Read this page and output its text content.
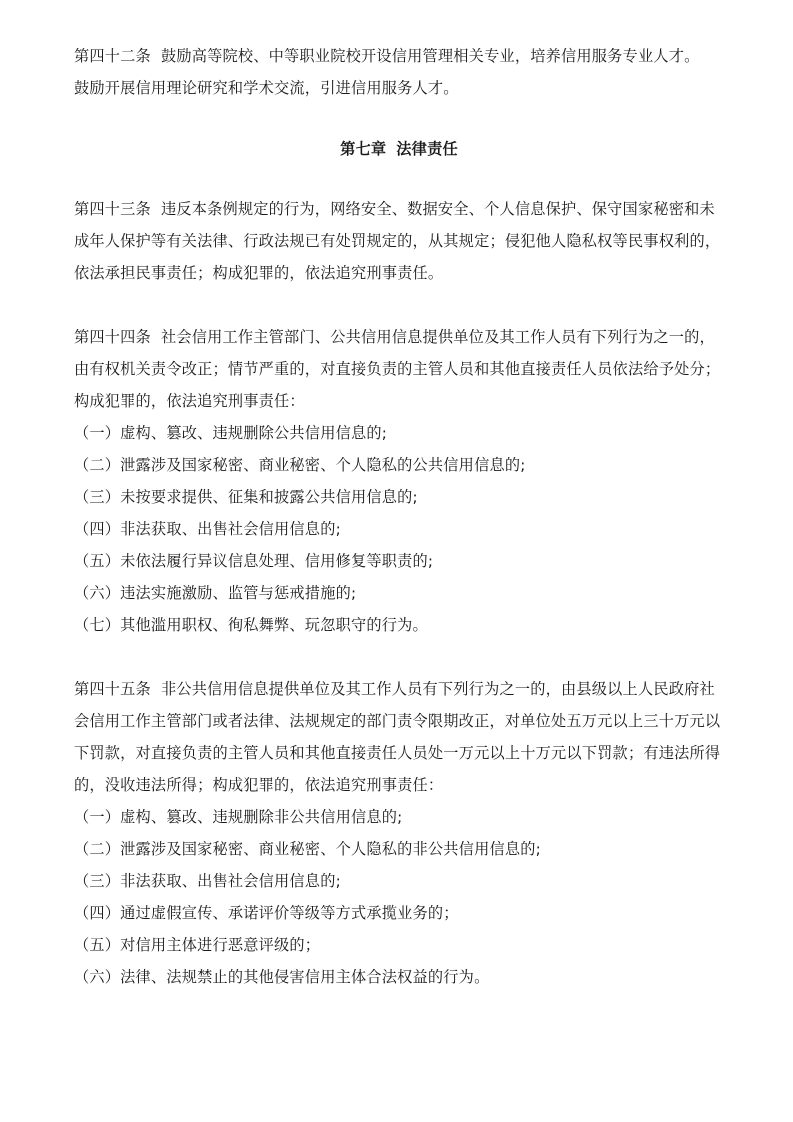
第四十二条 鼓励高等院校、中等职业院校开设信用管理相关专业，培养信用服务专业人才。

鼓励开展信用理论研究和学术交流，引进信用服务人才。

第七章 法律责任

第四十三条 违反本条例规定的行为，网络安全、数据安全、个人信息保护、保守国家秘密和未成年人保护等有关法律、行政法规已有处罚规定的，从其规定；侵犯他人隐私权等民事权利的，依法承担民事责任；构成犯罪的，依法追究刑事责任。

第四十四条 社会信用工作主管部门、公共信用信息提供单位及其工作人员有下列行为之一的，由有权机关责令改正；情节严重的，对直接负责的主管人员和其他直接责任人员依法给予处分；构成犯罪的，依法追究刑事责任：

（一）虚构、篡改、违规删除公共信用信息的;

（二）泄露涉及国家秘密、商业秘密、个人隐私的公共信用信息的;

（三）未按要求提供、征集和披露公共信用信息的;

（四）非法获取、出售社会信用信息的;

（五）未依法履行异议信息处理、信用修复等职责的;

（六）违法实施激励、监管与惩戒措施的;

（七）其他滥用职权、徇私舞弊、玩忽职守的行为。

第四十五条 非公共信用信息提供单位及其工作人员有下列行为之一的，由县级以上人民政府社会信用工作主管部门或者法律、法规规定的部门责令限期改正，对单位处五万元以上三十万元以下罚款，对直接负责的主管人员和其他直接责任人员处一万元以上十万元以下罚款；有违法所得的，没收违法所得；构成犯罪的，依法追究刑事责任：

（一）虚构、篡改、违规删除非公共信用信息的;

（二）泄露涉及国家秘密、商业秘密、个人隐私的非公共信用信息的;

（三）非法获取、出售社会信用信息的;

（四）通过虚假宣传、承诺评价等级等方式承揽业务的；

（五）对信用主体进行恶意评级的；

（六）法律、法规禁止的其他侵害信用主体合法权益的行为。
